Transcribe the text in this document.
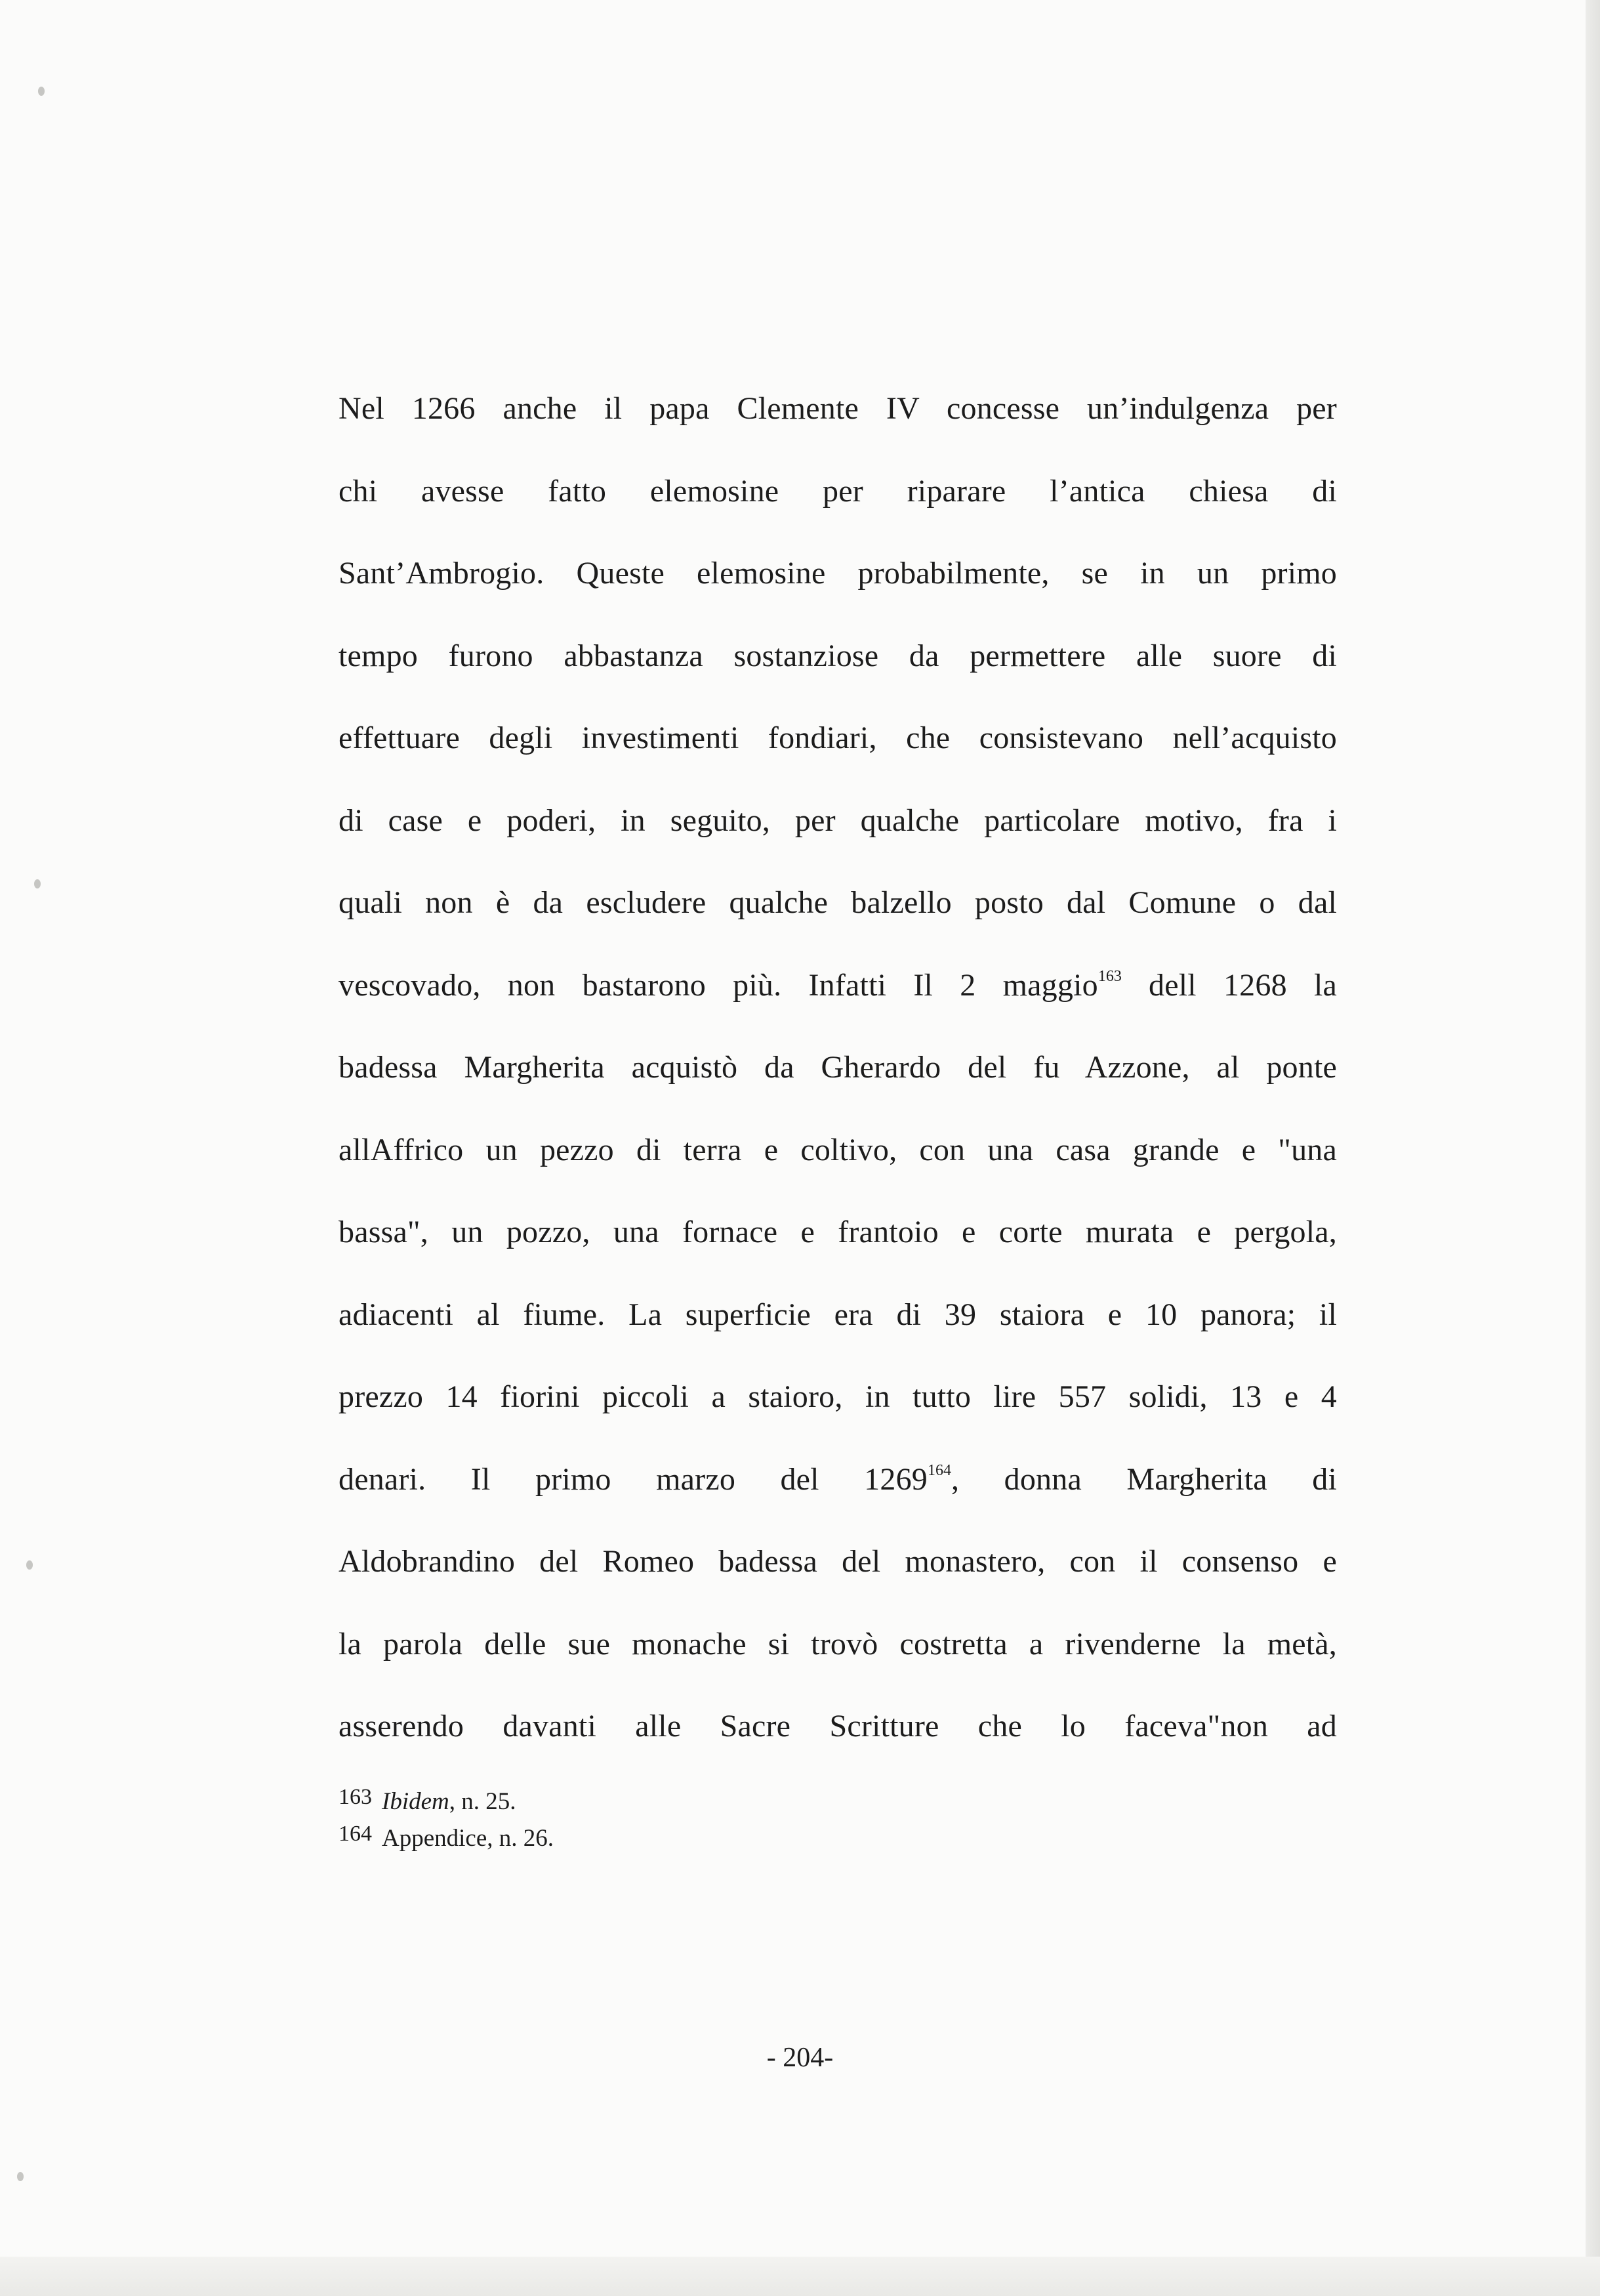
Nel 1266 anche il papa Clemente IV concesse un’indulgenza per
chi avesse fatto elemosine per riparare l’antica chiesa di
Sant’Ambrogio. Queste elemosine probabilmente, se in un primo
tempo furono abbastanza sostanziose da permettere alle suore di
effettuare degli investimenti fondiari, che consistevano nell’acquisto
di case e poderi, in seguito, per qualche particolare motivo, fra i
quali non è da escludere qualche balzello posto dal Comune o dal
vescovado, non bastarono più. Infatti Il 2 maggio$^{163}$ dell 1268 la
badessa Margherita acquistò da Gherardo del fu Azzone, al ponte
allAffrico un pezzo di terra e coltivo, con una casa grande e "una
bassa", un pozzo, una fornace e frantoio e corte murata e pergola,
adiacenti al fiume. La superficie era di 39 staiora e 10 panora; il
prezzo 14 fiorini piccoli a staioro, in tutto lire 557 solidi, 13 e 4
denari. Il primo marzo del 1269$^{164}$, donna Margherita di
Aldobrandino del Romeo badessa del monastero, con il consenso e
la parola delle sue monache si trovò costretta a rivenderne la metà,
asserendo davanti alle Sacre Scritture che lo faceva"non ad
163 Ibidem, n. 25.
164 Appendice, n. 26.
- 204-
